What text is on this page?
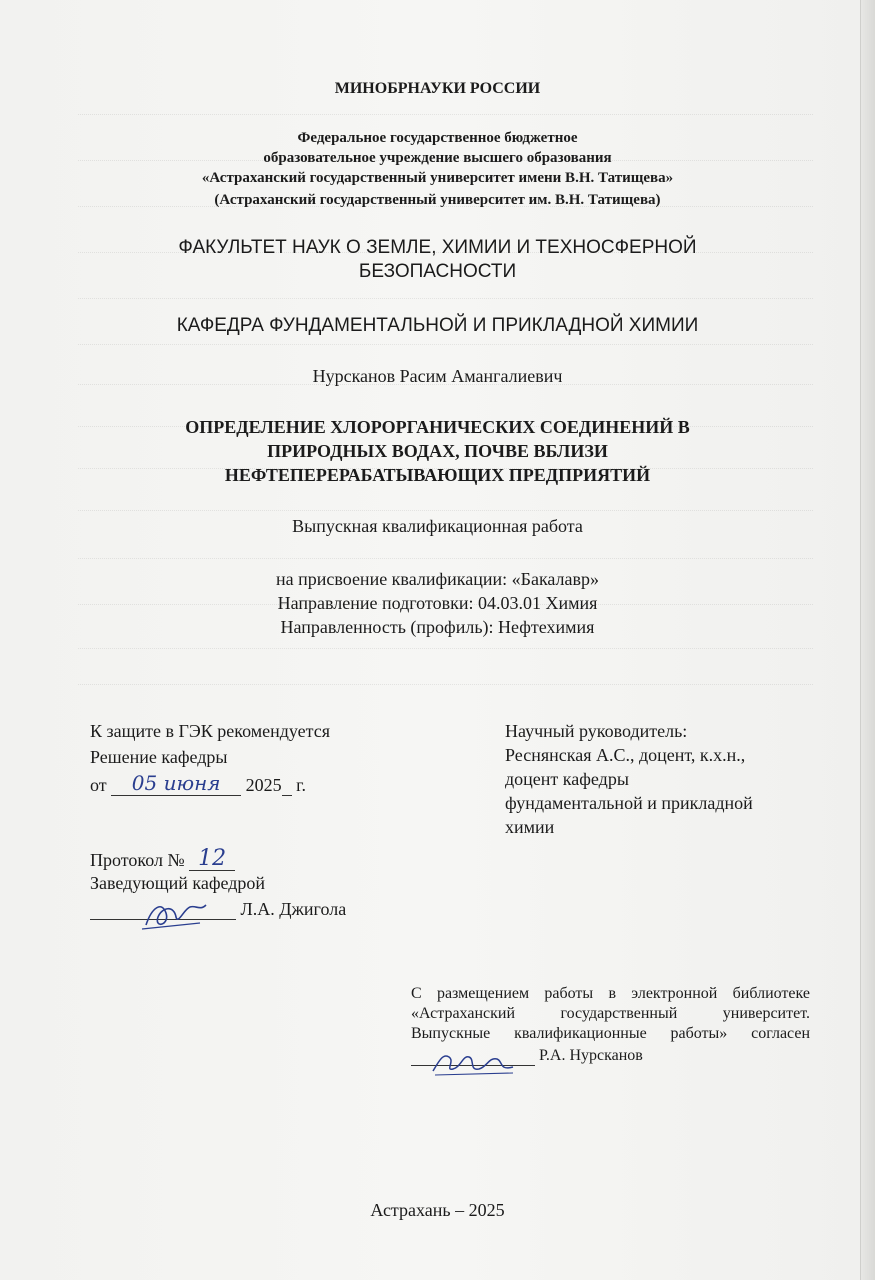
МИНОБРНАУКИ РОССИИ
Федеральное государственное бюджетное
образовательное учреждение высшего образования
«Астраханский государственный университет имени В.Н. Татищева»
(Астраханский государственный университет им. В.Н. Татищева)
ФАКУЛЬТЕТ НАУК О ЗЕМЛЕ, ХИМИИ И ТЕХНОСФЕРНОЙ
БЕЗОПАСНОСТИ
КАФЕДРА ФУНДАМЕНТАЛЬНОЙ И ПРИКЛАДНОЙ ХИМИИ
Нурсканов Расим Амангалиевич
ОПРЕДЕЛЕНИЕ ХЛОРОРГАНИЧЕСКИХ СОЕДИНЕНИЙ В
ПРИРОДНЫХ ВОДАХ, ПОЧВЕ ВБЛИЗИ
НЕФТЕПЕРЕРАБАТЫВАЮЩИХ ПРЕДПРИЯТИЙ
Выпускная квалификационная работа
на присвоение квалификации: «Бакалавр»
Направление подготовки: 04.03.01 Химия
Направленность (профиль): Нефтехимия
К защите в ГЭК рекомендуется
Решение кафедры
от 05 июня 2025 г.
Протокол № 12
Заведующий кафедрой
Л.А. Джигола
Научный руководитель:
Реснянская А.С., доцент, к.х.н.,
доцент кафедры
фундаментальной и прикладной
химии
С размещением работы в электронной библиотеке
«Астраханский государственный университет.
Выпускные квалификационные работы» согласен
Р.А. Нурсканов
Астрахань – 2025
